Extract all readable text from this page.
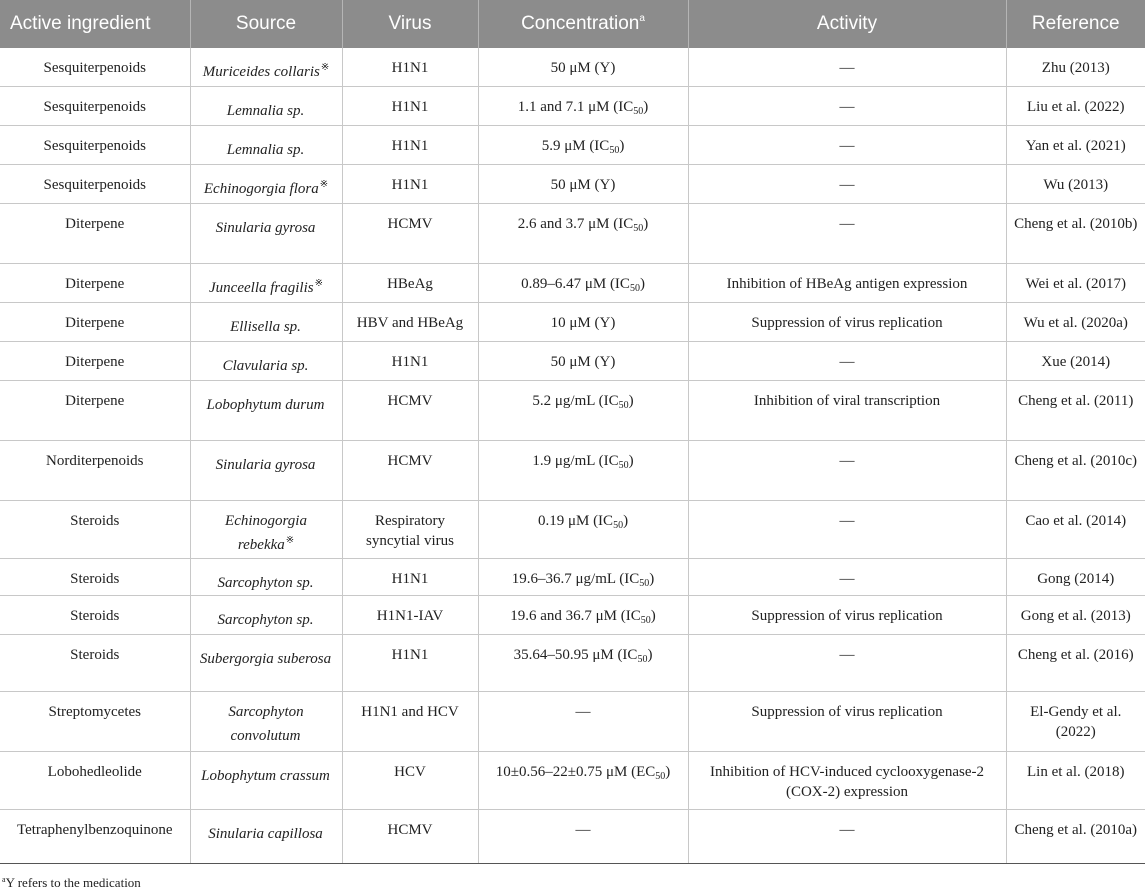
Active ingredient	Source	Virus	Concentration$^a$	Activity	Reference
Sesquiterpenoids	Muriceides collaris※	H1N1	50 μM (Y)	—	Zhu (2013)
Sesquiterpenoids	Lemnalia sp.	H1N1	1.1 and 7.1 μM $(IC_{50})$	—	Liu et al. (2022)
Sesquiterpenoids	Lemnalia sp.	H1N1	5.9 μM $(IC_{50})$	—	Yan et al. (2021)
Sesquiterpenoids	Echinogorgia flora※	H1N1	50 μM (Y)	—	Wu (2013)
Diterpene	Sinularia gyrosa	HCMV	2.6 and 3.7 μM $(IC_{50})$	—	Cheng et al. (2010b)
Diterpene	Junceella fragilis※	HBeAg	0.89–6.47 μM $(IC_{50})$	Inhibition of HBeAg antigen expression	Wei et al. (2017)
Diterpene	Ellisella sp.	HBV and HBeAg	10 μM (Y)	Suppression of virus replication	Wu et al. (2020a)
Diterpene	Clavularia sp.	H1N1	50 μM (Y)	—	Xue (2014)
Diterpene	Lobophytum durum	HCMV	5.2 μg/mL $(IC_{50})$	Inhibition of viral transcription	Cheng et al. (2011)
Norditerpenoids	Sinularia gyrosa	HCMV	1.9 μg/mL $(IC_{50})$	—	Cheng et al. (2010c)
Steroids	Echinogorgia rebekka※	Respiratory syncytial virus	0.19 μM $(IC_{50})$	—	Cao et al. (2014)
Steroids	Sarcophyton sp.	H1N1	19.6–36.7 μg/mL $(IC_{50})$	—	Gong (2014)
Steroids	Sarcophyton sp.	H1N1-IAV	19.6 and 36.7 μM $(IC_{50})$	Suppression of virus replication	Gong et al. (2013)
Steroids	Subergorgia suberosa	H1N1	35.64–50.95 μM $(IC_{50})$	—	Cheng et al. (2016)
Streptomycetes	Sarcophyton convolutum	H1N1 and HCV	—	Suppression of virus replication	El-Gendy et al. (2022)
Lobohedleolide	Lobophytum crassum	HCV	10±0.56–22±0.75 μM $(EC_{50})$	Inhibition of HCV-induced cyclooxygenase-2 (COX-2) expression	Lin et al. (2018)
Tetraphenylbenzoquinone	Sinularia capillosa	HCMV	—	—	Cheng et al. (2010a)
$^a$Y refers to the medication
